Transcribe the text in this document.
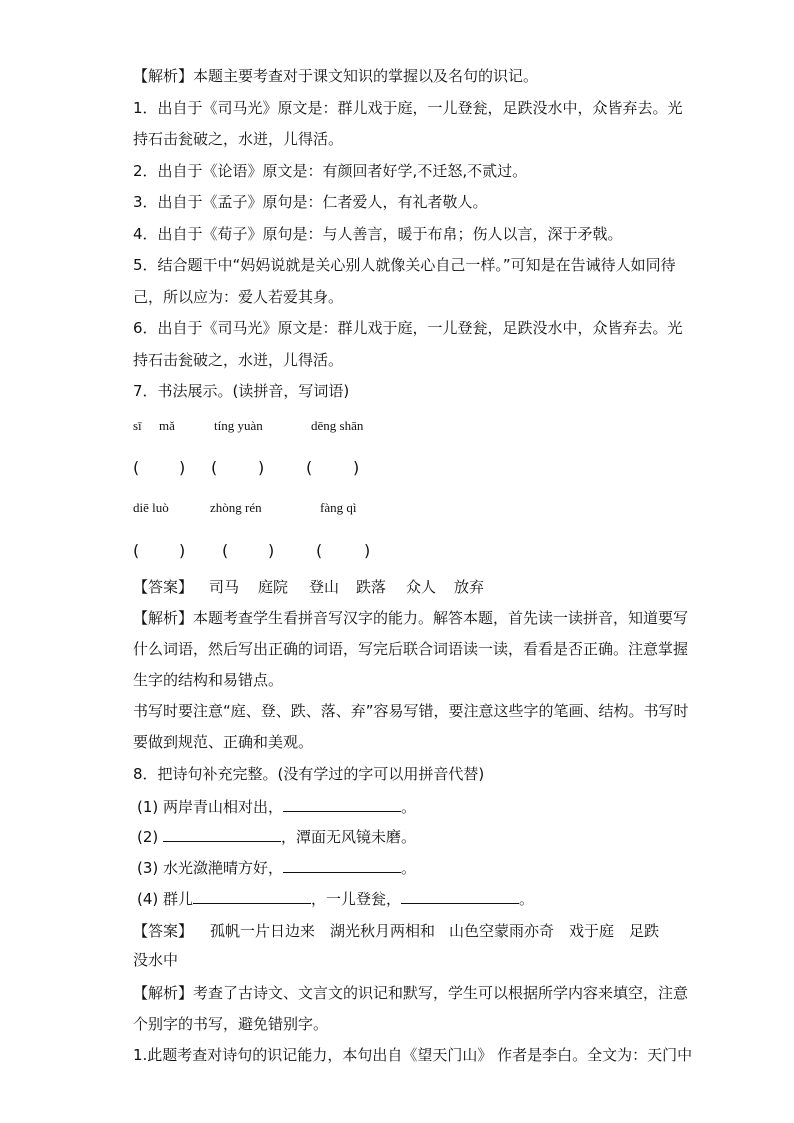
【解析】本题主要考查对于课文知识的掌握以及名句的识记。
1．出自于《司马光》原文是：群儿戏于庭，一儿登瓮，足跌没水中，众皆弃去。光
持石击瓮破之，水迸，儿得活。
2．出自于《论语》原文是：有颜回者好学,不迁怒,不贰过。
3．出自于《孟子》原句是：仁者爱人，有礼者敬人。
4．出自于《荀子》原句是：与人善言，暖于布帛；伤人以言，深于矛戟。
5．结合题干中“妈妈说就是关心别人就像关心自己一样。”可知是在告诫待人如同待
己，所以应为：爱人若爱其身。
6．出自于《司马光》原文是：群儿戏于庭，一儿登瓮，足跌没水中，众皆弃去。光
持石击瓮破之，水迸，儿得活。
7．书法展示。(读拼音，写词语)
sī mǎ	tíng yuàn	dēng shān
( ) (	)	(	)
diē luò	zhòng rén	fàng qì
( ) ( )	(	)
【答案】 司马 庭院 登山 跌落 众人 放弃
【解析】本题考查学生看拼音写汉字的能力。解答本题，首先读一读拼音，知道要写
什么词语，然后写出正确的词语，写完后联合词语读一读，看看是否正确。注意掌握
生字的结构和易错点。
书写时要注意“庭、登、跌、落、弃”容易写错，要注意这些字的笔画、结构。书写时
要做到规范、正确和美观。
8．把诗句补充完整。(没有学过的字可以用拼音代替)
(1) 两岸青山相对出，	。
(2)	，潭面无风镜未磨。
(3) 水光潋滟晴方好，	。
(4) 群儿	，一儿登瓮，	。
【答案】 孤帆一片日边来 湖光秋月两相和 山色空蒙雨亦奇 戏于庭 足跌
没水中
【解析】考查了古诗文、文言文的识记和默写，学生可以根据所学内容来填空，注意
个别字的书写，避免错别字。
1.此题考查对诗句的识记能力，本句出自《望天门山》 作者是李白。全文为：天门中
